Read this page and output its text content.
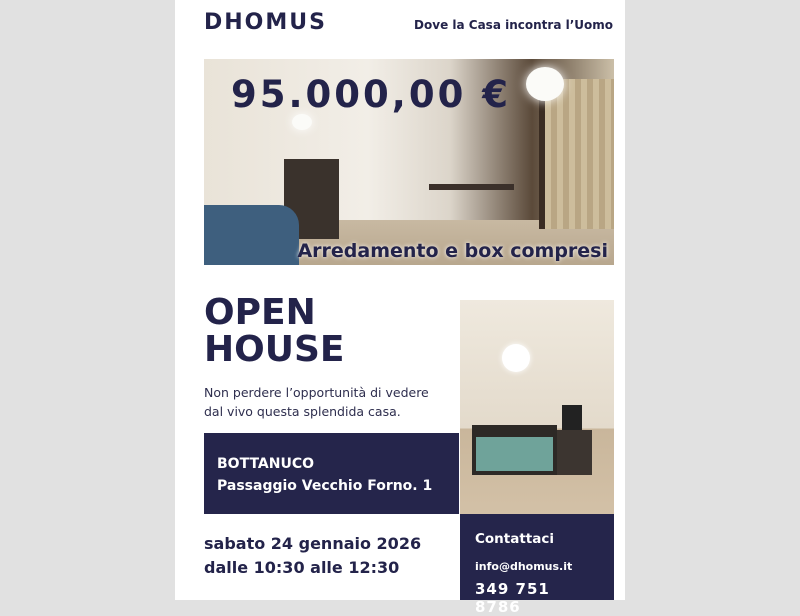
DHOMUS	Dove la Casa incontra l’Uomo
95.000,00 €
Arredamento e box compresi
OPEN
HOUSE
Non perdere l’opportunità di vedere
dal vivo questa splendida casa.
BOTTANUCO
Passaggio Vecchio Forno. 1
sabato 24 gennaio 2026
dalle 10:30 alle 12:30
Contattaci
info@dhomus.it
349 751 8786
